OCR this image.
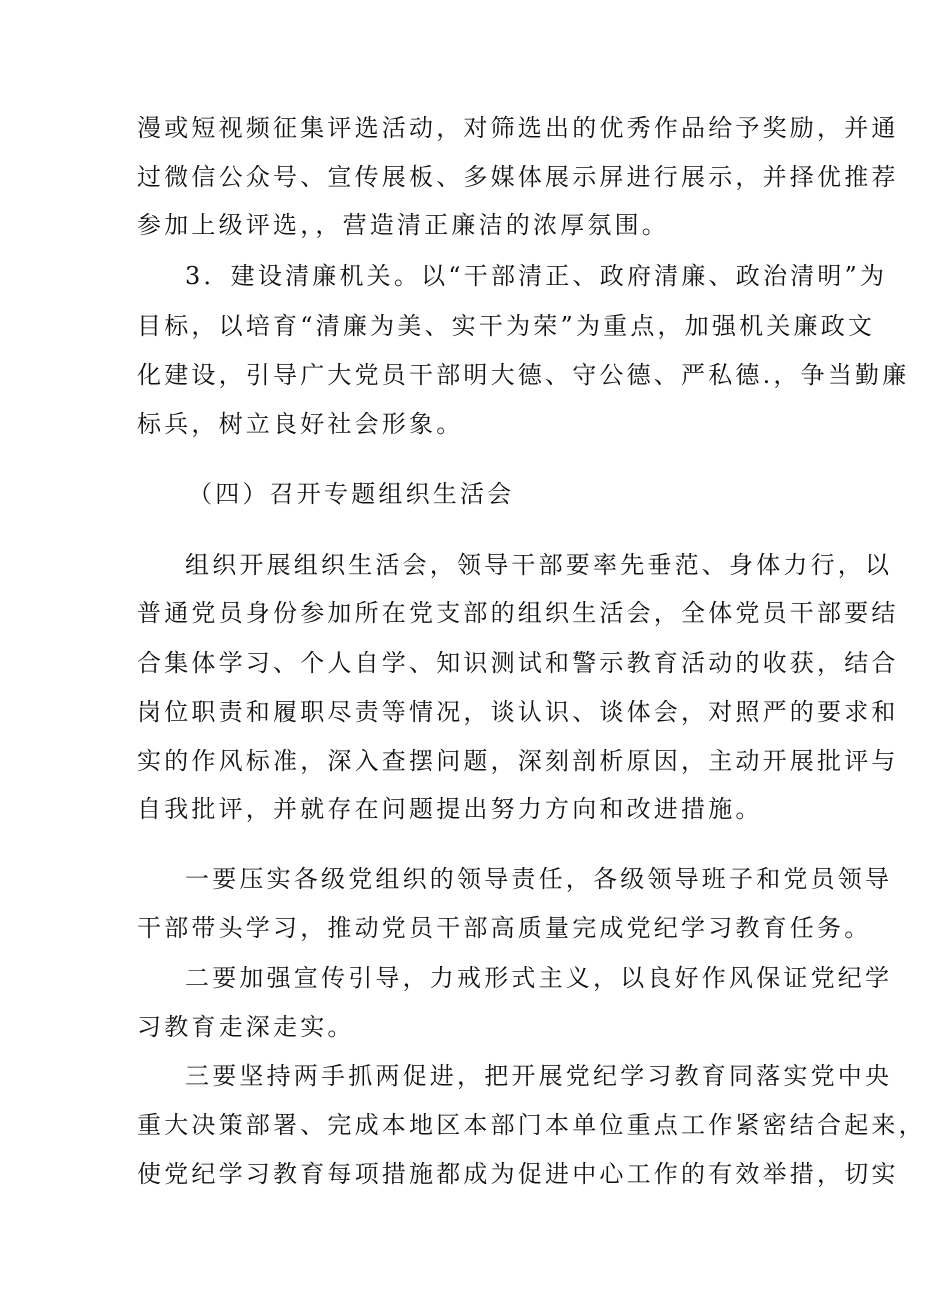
漫或短视频征集评选活动，对筛选出的优秀作品给予奖励，并通
过微信公众号、宣传展板、多媒体展示屏进行展示，并择优推荐
参加上级评选，，营造清正廉洁的浓厚氛围。
3．建设清廉机关。以“干部清正、政府清廉、政治清明”为
目标，以培育“清廉为美、实干为荣”为重点，加强机关廉政文
化建设，引导广大党员干部明大德、守公德、严私德.，争当勤廉
标兵，树立良好社会形象。
（四）召开专题组织生活会
组织开展组织生活会，领导干部要率先垂范、身体力行，以
普通党员身份参加所在党支部的组织生活会，全体党员干部要结
合集体学习、个人自学、知识测试和警示教育活动的收获，结合
岗位职责和履职尽责等情况，谈认识、谈体会，对照严的要求和
实的作风标准，深入查摆问题，深刻剖析原因，主动开展批评与
自我批评，并就存在问题提出努力方向和改进措施。
一要压实各级党组织的领导责任，各级领导班子和党员领导
干部带头学习，推动党员干部高质量完成党纪学习教育任务。
二要加强宣传引导，力戒形式主义，以良好作风保证党纪学
习教育走深走实。
三要坚持两手抓两促进，把开展党纪学习教育同落实党中央
重大决策部署、完成本地区本部门本单位重点工作紧密结合起来，
使党纪学习教育每项措施都成为促进中心工作的有效举措，切实
